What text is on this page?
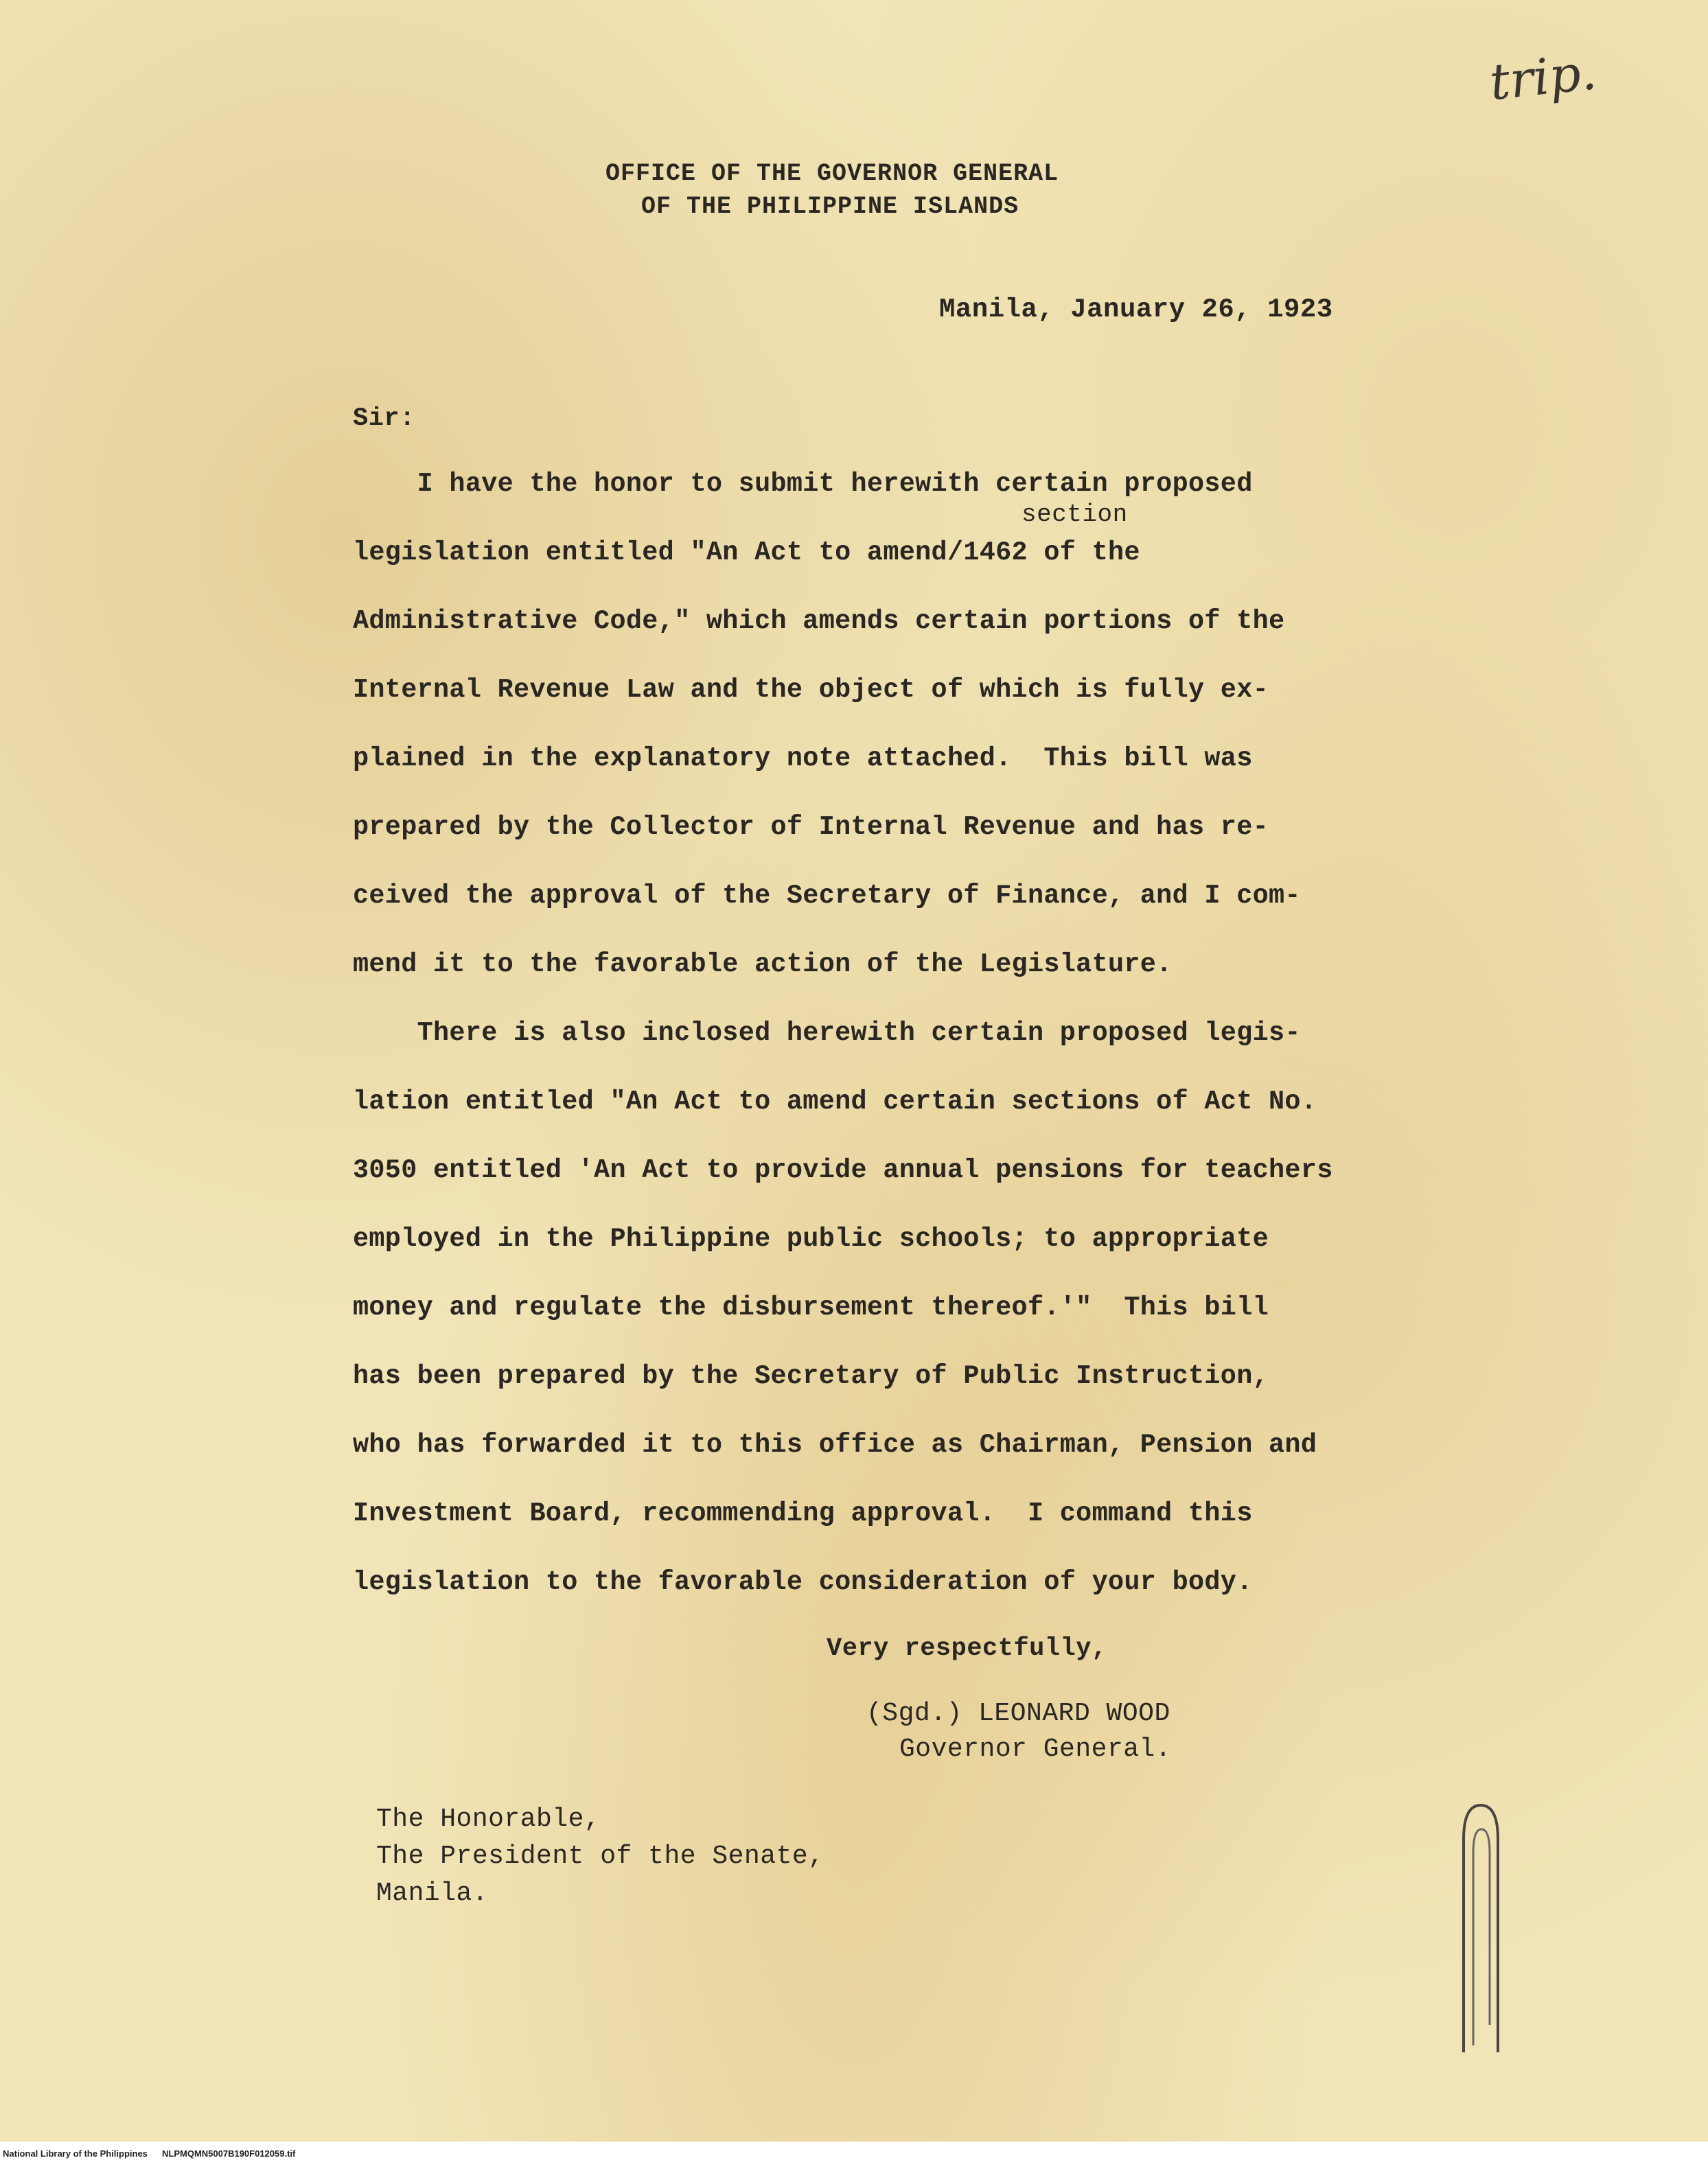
trip.
OFFICE OF THE GOVERNOR GENERAL
OF THE PHILIPPINE ISLANDS
Manila, January 26, 1923
Sir:
I have the honor to submit herewith certain proposed
section
legislation entitled "An Act to amend/1462 of the
Administrative Code," which amends certain portions of the
Internal Revenue Law and the object of which is fully ex-
plained in the explanatory note attached.  This bill was
prepared by the Collector of Internal Revenue and has re-
ceived the approval of the Secretary of Finance, and I com-
mend it to the favorable action of the Legislature.
There is also inclosed herewith certain proposed legis-
lation entitled "An Act to amend certain sections of Act No.
3050 entitled 'An Act to provide annual pensions for teachers
employed in the Philippine public schools; to appropriate
money and regulate the disbursement thereof.'"  This bill
has been prepared by the Secretary of Public Instruction,
who has forwarded it to this office as Chairman, Pension and
Investment Board, recommending approval.  I command this
legislation to the favorable consideration of your body.
Very respectfully,
(Sgd.) LEONARD WOOD
Governor General.
The Honorable,
The President of the Senate,
Manila.
National Library of the Philippines NLPMQMN5007B190F012059.tif
